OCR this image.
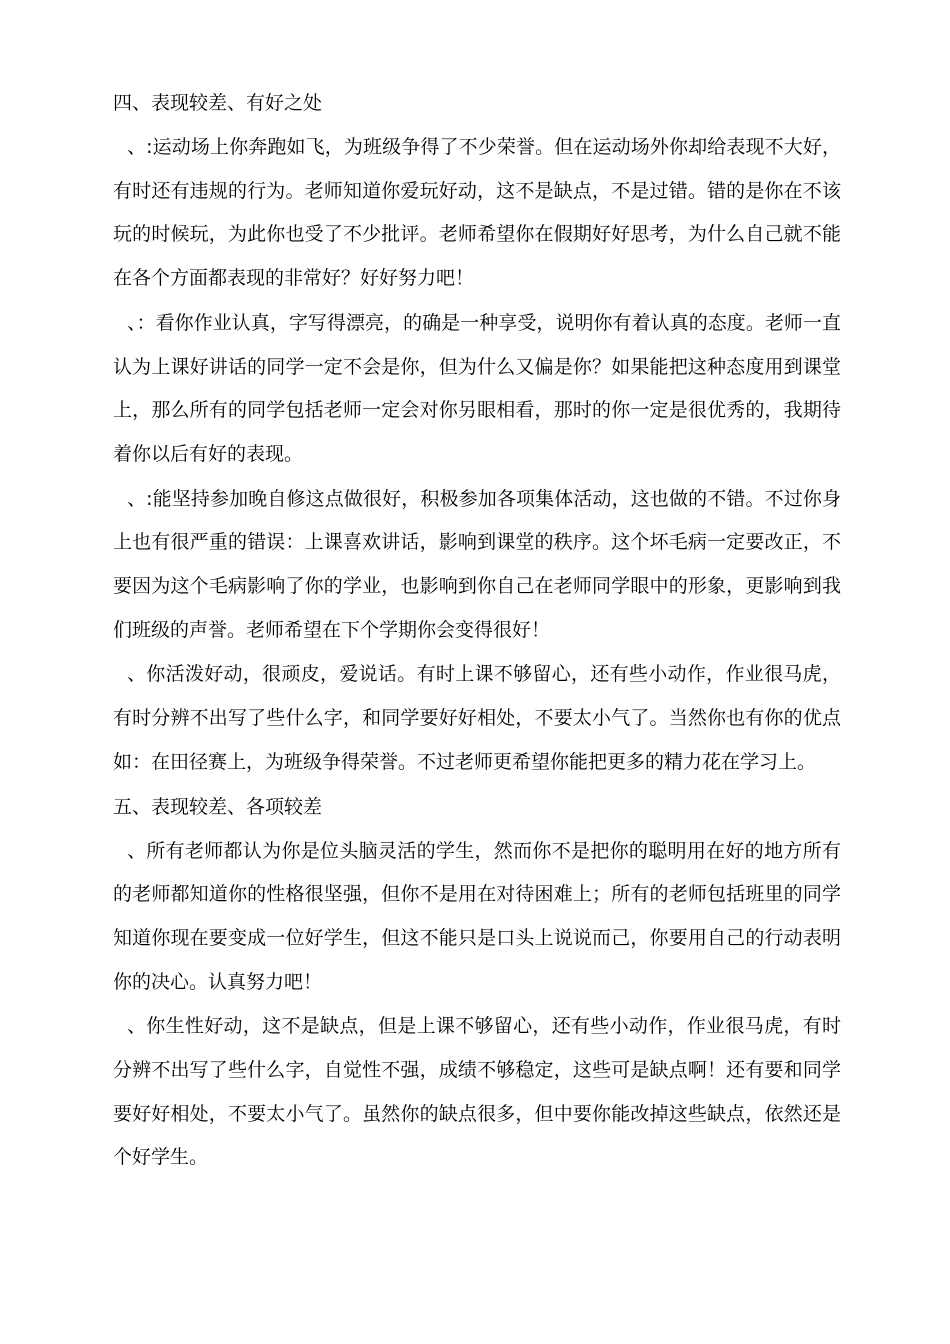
四、表现较差、有好之处

、:运动场上你奔跑如飞，为班级争得了不少荣誉。但在运动场外你却给表现不大好，有时还有违规的行为。老师知道你爱玩好动，这不是缺点，不是过错。错的是你在不该玩的时候玩，为此你也受了不少批评。老师希望你在假期好好思考，为什么自己就不能在各个方面都表现的非常好？好好努力吧！

、：看你作业认真，字写得漂亮，的确是一种享受，说明你有着认真的态度。老师一直认为上课好讲话的同学一定不会是你，但为什么又偏是你？如果能把这种态度用到课堂上，那么所有的同学包括老师一定会对你另眼相看，那时的你一定是很优秀的，我期待着你以后有好的表现。

、:能坚持参加晚自修这点做很好，积极参加各项集体活动，这也做的不错。不过你身上也有很严重的错误：上课喜欢讲话，影响到课堂的秩序。这个坏毛病一定要改正，不要因为这个毛病影响了你的学业，也影响到你自己在老师同学眼中的形象，更影响到我们班级的声誉。老师希望在下个学期你会变得很好！

、你活泼好动，很顽皮，爱说话。有时上课不够留心，还有些小动作，作业很马虎，有时分辨不出写了些什么字，和同学要好好相处，不要太小气了。当然你也有你的优点如：在田径赛上，为班级争得荣誉。不过老师更希望你能把更多的精力花在学习上。

五、表现较差、各项较差

、所有老师都认为你是位头脑灵活的学生，然而你不是把你的聪明用在好的地方所有的老师都知道你的性格很坚强，但你不是用在对待困难上；所有的老师包括班里的同学知道你现在要变成一位好学生，但这不能只是口头上说说而己，你要用自己的行动表明你的决心。认真努力吧！

、你生性好动，这不是缺点，但是上课不够留心，还有些小动作，作业很马虎，有时分辨不出写了些什么字，自觉性不强，成绩不够稳定，这些可是缺点啊！还有要和同学要好好相处，不要太小气了。虽然你的缺点很多，但中要你能改掉这些缺点，依然还是个好学生。
